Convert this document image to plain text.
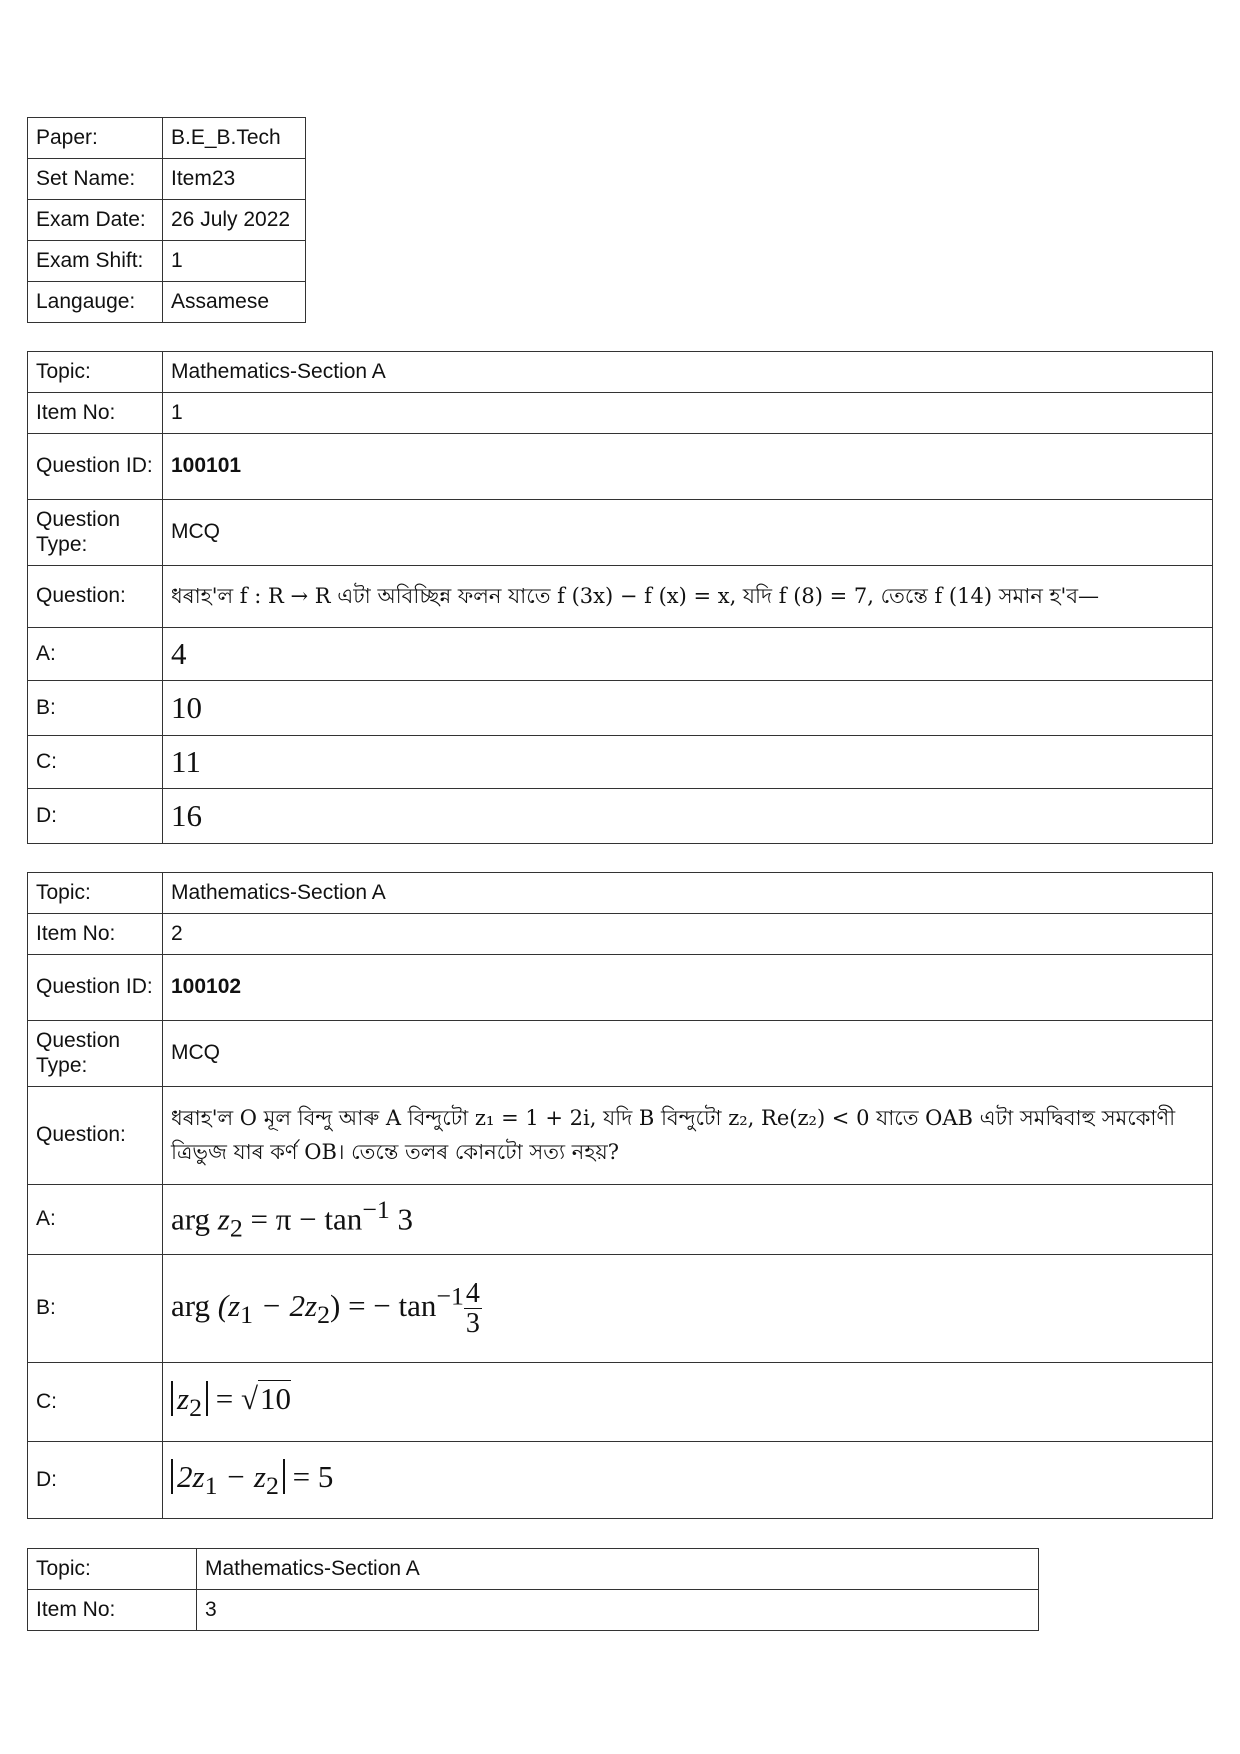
Paper:	B.E_B.Tech
Set Name:	Item23
Exam Date:	26 July 2022
Exam Shift:	1
Langauge:	Assamese
Topic:	Mathematics-Section A
Item No:	1
Question ID:	100101
Question Type:	MCQ
Question:	ধৰাহ'ল f : R → R এটা অবিচ্ছিন্ন ফলন যাতে f (3x) − f (x) = x, যদি f (8) = 7, তেন্তে f (14) সমান হ'ব—
A:	4
B:	10
C:	11
D:	16
Topic:	Mathematics-Section A
Item No:	2
Question ID:	100102
Question Type:	MCQ
Question:	ধৰাহ'ল O মূল বিন্দু আৰু A বিন্দুটো z₁ = 1 + 2i, যদি B বিন্দুটো z₂, Re(z₂) < 0 যাতে OAB এটা সমদ্বিবাহু সমকোণী ত্ৰিভুজ যাৰ কৰ্ণ OB। তেন্তে তলৰ কোনটো সত্য নহয়?
A:	arg $z_2 = \pi - \tan^{-1} 3$
B:	arg $(z_1 - 2z_2)$ = − $\tan^{-1} \frac{4}{3}$

C:	$z_2 = √10$
D:	$2z_1 - z_2 = 5$
Topic:	Mathematics-Section A
Item No:	3
